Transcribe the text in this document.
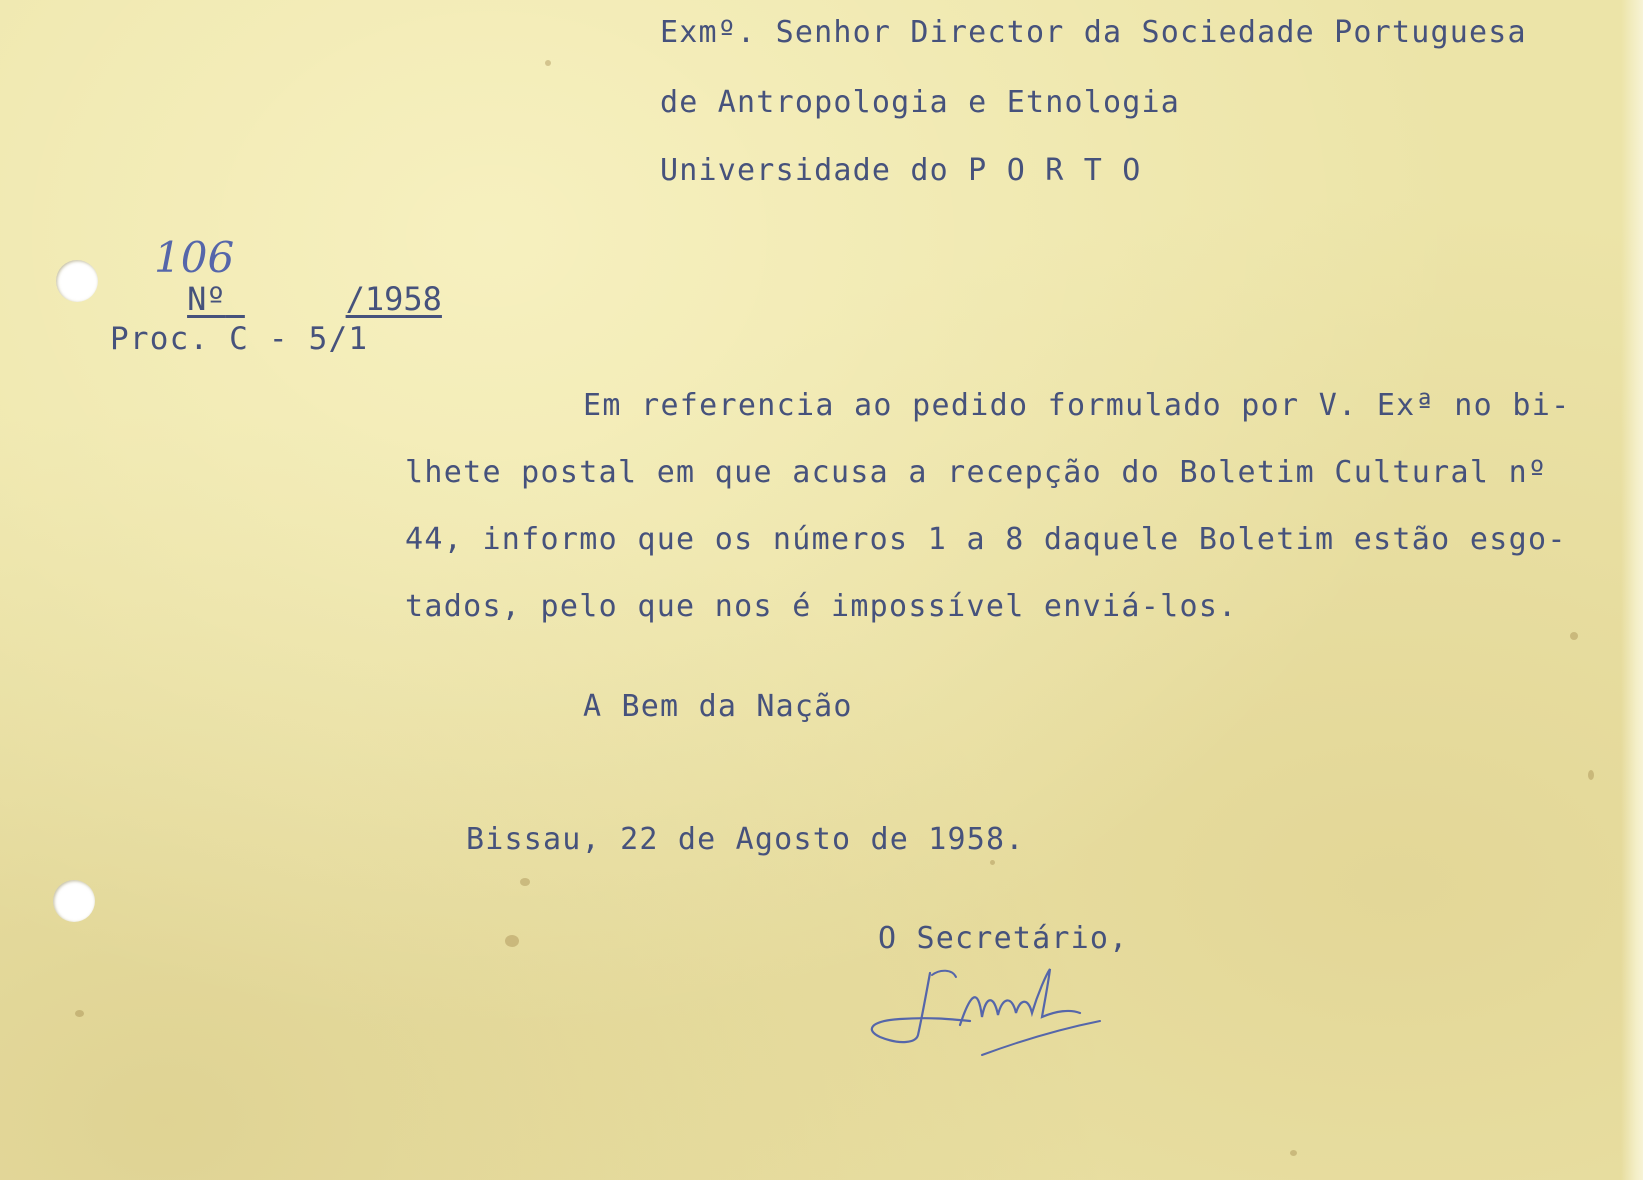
Exmº. Senhor Director da Sociedade Portuguesa
de Antropologia e Etnologia
Universidade do P O R T O

Nº	/1958

106
Proc. C - 5/1
Em referencia ao pedido formulado por V. Exª no bi-
lhete postal em que acusa a recepção do Boletim Cultural nº
44, informo que os números 1 a 8 daquele Boletim estão esgo-
tados, pelo que nos é impossível enviá-los.
A Bem da Nação
Bissau, 22 de Agosto de 1958.
O Secretário,
